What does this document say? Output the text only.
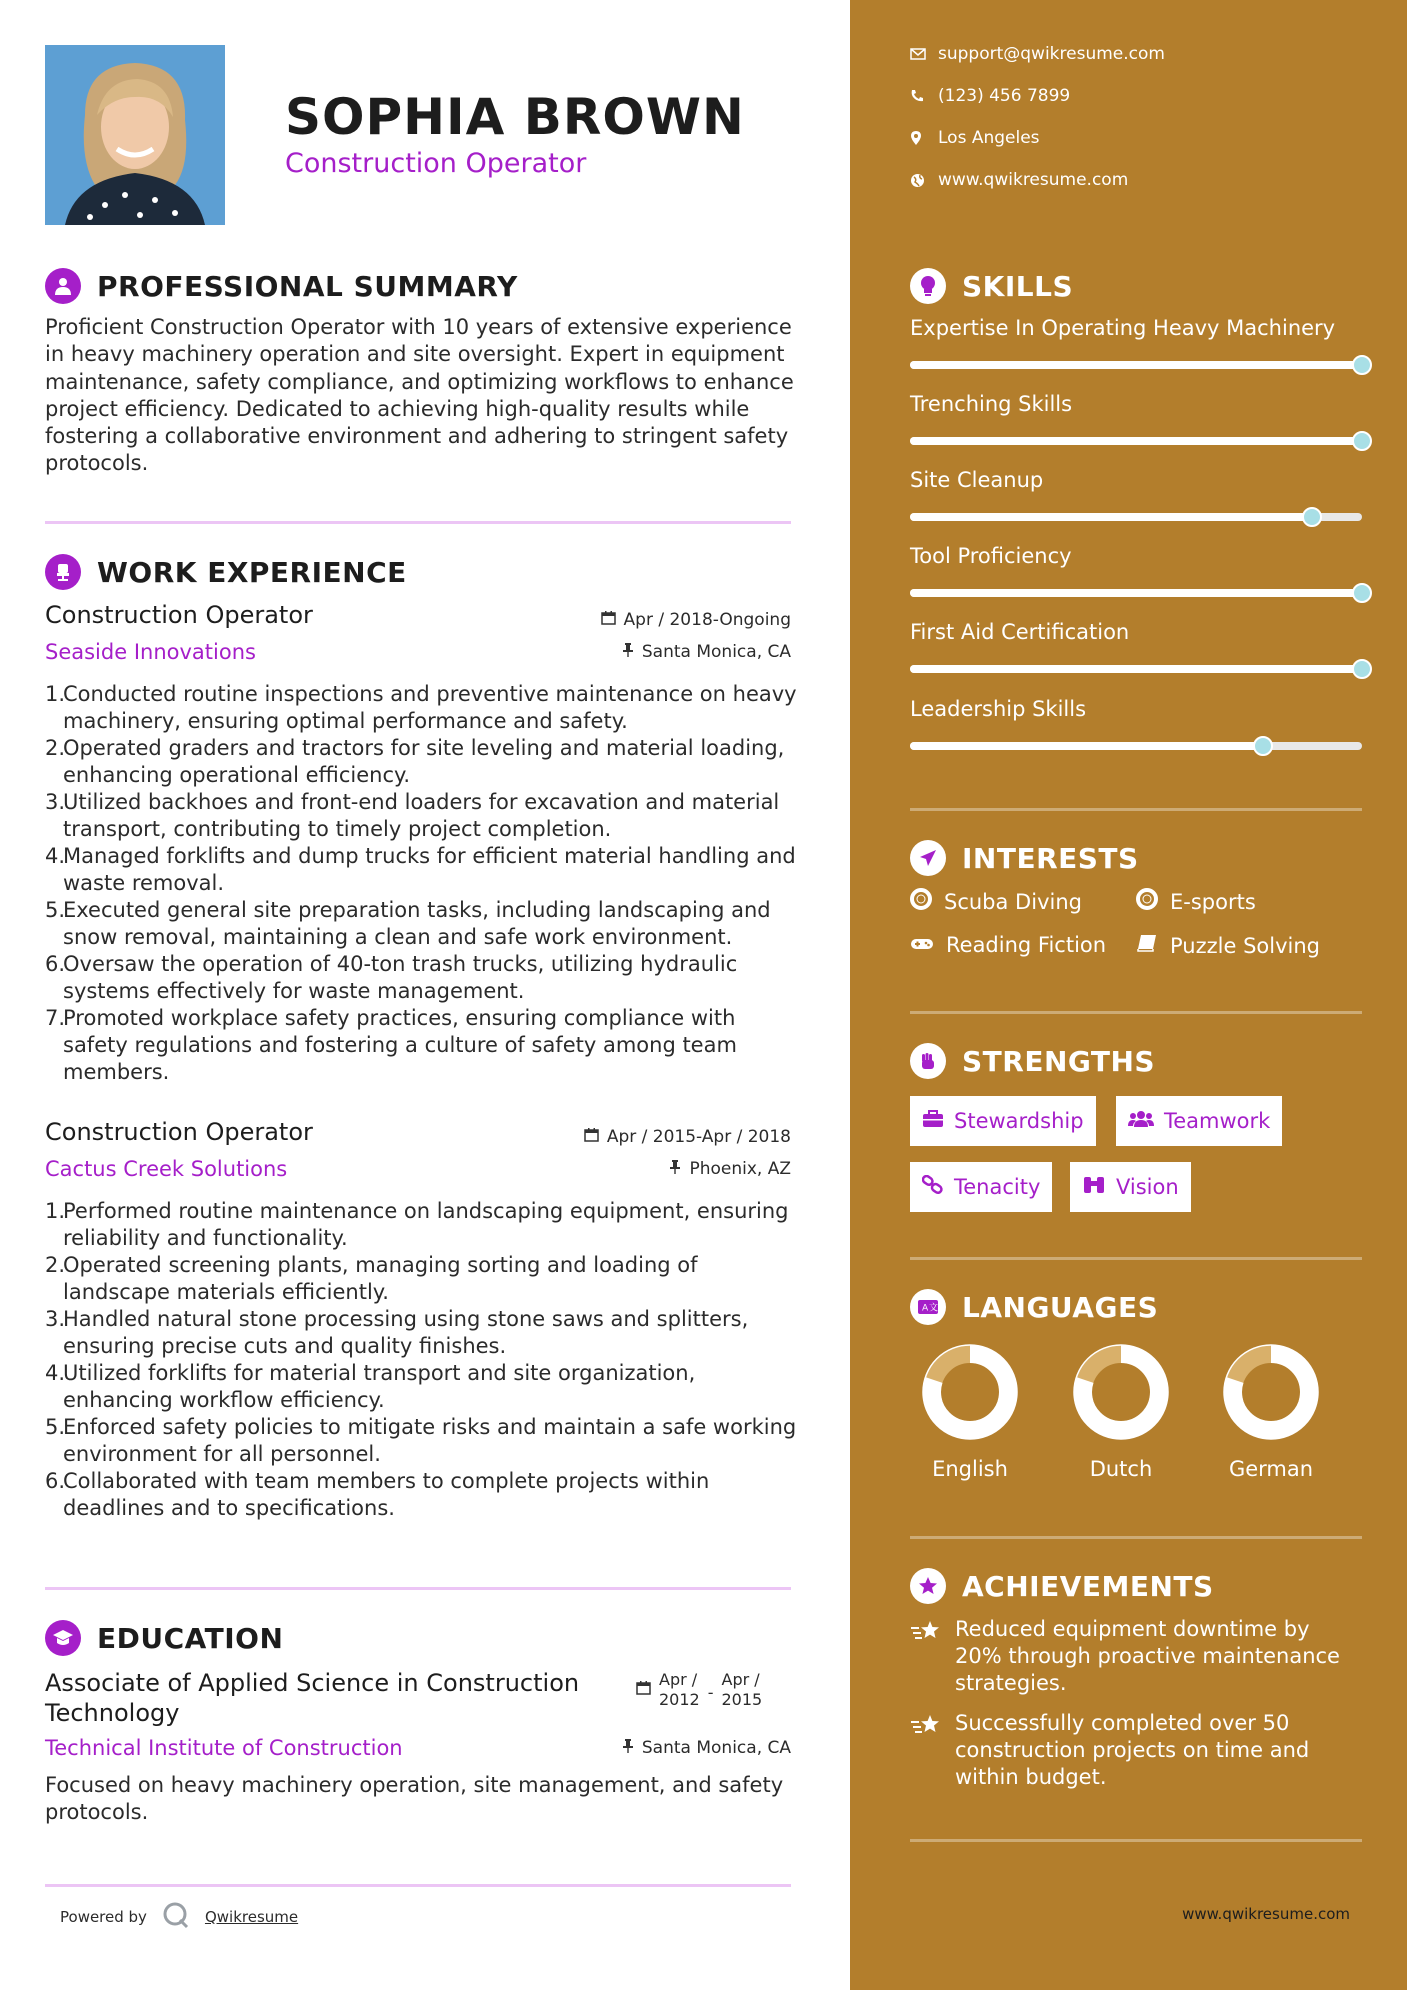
SOPHIA BROWN
Construction Operator
PROFESSIONAL SUMMARY
Proficient Construction Operator with 10 years of extensive experience in heavy machinery operation and site oversight. Expert in equipment maintenance, safety compliance, and optimizing workflows to enhance project efficiency. Dedicated to achieving high-quality results while fostering a collaborative environment and adhering to stringent safety protocols.
WORK EXPERIENCE
Construction Operator	Apr / 2018-Ongoing
Seaside Innovations	Santa Monica, CA
1.
Conducted routine inspections and preventive maintenance on heavy machinery, ensuring optimal performance and safety.
2.
Operated graders and tractors for site leveling and material loading, enhancing operational efficiency.
3.
Utilized backhoes and front-end loaders for excavation and material transport, contributing to timely project completion.
4.
Managed forklifts and dump trucks for efficient material handling and waste removal.
5.
Executed general site preparation tasks, including landscaping and snow removal, maintaining a clean and safe work environment.
6.
Oversaw the operation of 40-ton trash trucks, utilizing hydraulic systems effectively for waste management.
7.
Promoted workplace safety practices, ensuring compliance with safety regulations and fostering a culture of safety among team members.
Construction Operator	Apr / 2015-Apr / 2018
Cactus Creek Solutions	Phoenix, AZ
1.
Performed routine maintenance on landscaping equipment, ensuring reliability and functionality.
2.
Operated screening plants, managing sorting and loading of landscape materials efficiently.
3.
Handled natural stone processing using stone saws and splitters, ensuring precise cuts and quality finishes.
4.
Utilized forklifts for material transport and site organization, enhancing workflow efficiency.
5.
Enforced safety policies to mitigate risks and maintain a safe working environment for all personnel.
6.
Collaborated with team members to complete projects within deadlines and to specifications.
EDUCATION
Associate of Applied Science in Construction
Technology
Apr /
2012 -
Apr /
2015
Technical Institute of Construction	Santa Monica, CA
Focused on heavy machinery operation, site management, and safety protocols.
Powered by	Qwikresume
support@qwikresume.com
(123) 456 7899
Los Angeles
www.qwikresume.com
SKILLS
Expertise In Operating Heavy Machinery
Trenching Skills
Site Cleanup
Tool Proficiency
First Aid Certification
Leadership Skills
INTERESTS
Scuba Diving	E-sports
Reading Fiction	Puzzle Solving
STRENGTHS
Stewardship	Teamwork
Tenacity	Vision
A 文 LANGUAGES
English	Dutch	German
ACHIEVEMENTS
Reduced equipment downtime by 20% through proactive maintenance strategies.
Successfully completed over 50 construction projects on time and within budget.
www.qwikresume.com
